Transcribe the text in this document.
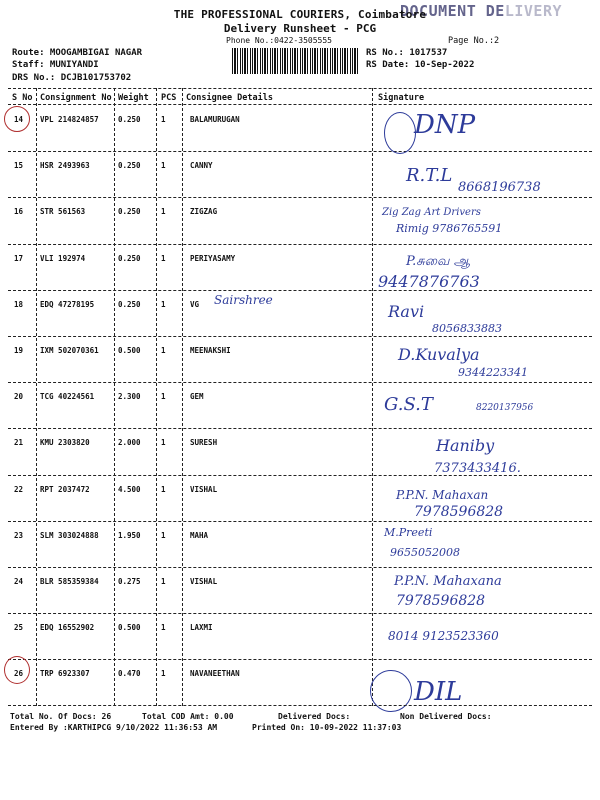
DOCUMENT DELIVERY
THE PROFESSIONAL COURIERS, Coimbatore
Delivery Runsheet - PCG
Phone No.:0422-3505555	Page No.:2
Route: MOOGAMBIGAI NAGAR
Staff: MUNIYANDI
DRS No.: DCJB101753702
RS No.: 1017537
RS Date: 10-Sep-2022
S No Consignment No Weight PCS Consignee Details	Signature
14 VPL 214824857	0.250	1	BALAMURUGAN	DNP
15 HSR 2493963	0.250	1	CANNY	R.T.L
8668196738
16 STR 561563	0.250	1	ZIGZAG	Zig Zag Art Drivers
Rimig 9786765591
17 VLI 192974	0.250	1	PERIYASAMY	P.சுவை ஆ
9447876763
18 EDQ 47278195	0.250	1	VG Sairshree
Ravi
8056833883
19 IXM 502070361	0.500	1	MEENAKSHI	D.Kuvalya
9344223341
20 TCG 40224561	2.300	1	GEM	G.S.T	8220137956
21 KMU 2303820	2.000	1	SURESH	Haniby
7373433416.
22 RPT 2037472	4.500	1	VISHAL	P.P.N. Mahaxan
7978596828
23 SLM 303024888	1.950	1	MAHA	M.Preeti
9655052008
24 BLR 585359384	0.275	1	VISHAL	P.P.N. Mahaxana
7978596828
25 EDQ 16552902	0.500	1	LAXMI
8014 9123523360
26 TRP 6923307	0.470	1	NAVANEETHAN
DIL
Total No. Of Docs: 26	Total COD Amt: 0.00	Delivered Docs:	Non Delivered Docs:
Entered By :KARTHIPCG 9/10/2022 11:36:53 AM	Printed On: 10-09-2022 11:37:03
